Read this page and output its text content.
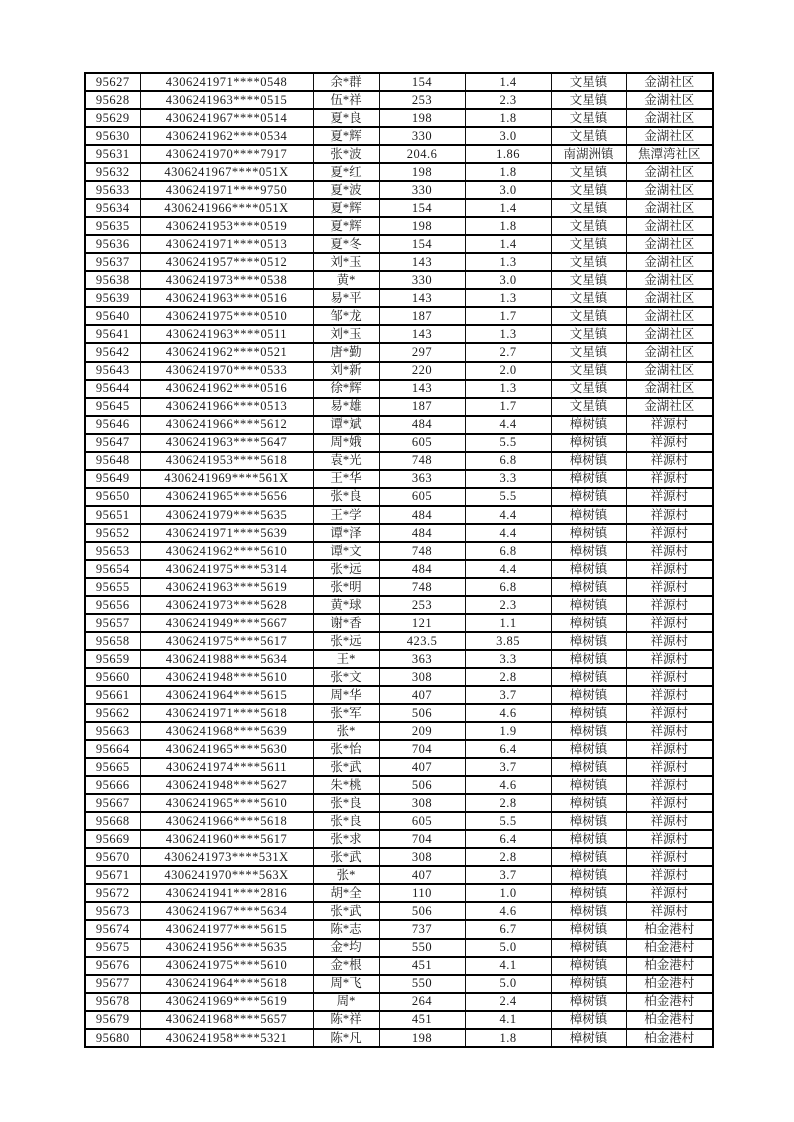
95627	4306241971****0548	余*群	154	1.4	文星镇	金湖社区
95628	4306241963****0515	伍*祥	253	2.3	文星镇	金湖社区
95629	4306241967****0514	夏*良	198	1.8	文星镇	金湖社区
95630	4306241962****0534	夏*辉	330	3.0	文星镇	金湖社区
95631	4306241970****7917	张*波	204.6	1.86	南湖洲镇	焦潭湾社区
95632	4306241967****051X	夏*红	198	1.8	文星镇	金湖社区
95633	4306241971****9750	夏*波	330	3.0	文星镇	金湖社区
95634	4306241966****051X	夏*辉	154	1.4	文星镇	金湖社区
95635	4306241953****0519	夏*辉	198	1.8	文星镇	金湖社区
95636	4306241971****0513	夏*冬	154	1.4	文星镇	金湖社区
95637	4306241957****0512	刘*玉	143	1.3	文星镇	金湖社区
95638	4306241973****0538	黄*	330	3.0	文星镇	金湖社区
95639	4306241963****0516	易*平	143	1.3	文星镇	金湖社区
95640	4306241975****0510	邹*龙	187	1.7	文星镇	金湖社区
95641	4306241963****0511	刘*玉	143	1.3	文星镇	金湖社区
95642	4306241962****0521	唐*勤	297	2.7	文星镇	金湖社区
95643	4306241970****0533	刘*新	220	2.0	文星镇	金湖社区
95644	4306241962****0516	徐*辉	143	1.3	文星镇	金湖社区
95645	4306241966****0513	易*雄	187	1.7	文星镇	金湖社区
95646	4306241966****5612	谭*斌	484	4.4	樟树镇	祥源村
95647	4306241963****5647	周*娥	605	5.5	樟树镇	祥源村
95648	4306241953****5618	袁*光	748	6.8	樟树镇	祥源村
95649	4306241969****561X	王*华	363	3.3	樟树镇	祥源村
95650	4306241965****5656	张*良	605	5.5	樟树镇	祥源村
95651	4306241979****5635	王*学	484	4.4	樟树镇	祥源村
95652	4306241971****5639	谭*泽	484	4.4	樟树镇	祥源村
95653	4306241962****5610	谭*文	748	6.8	樟树镇	祥源村
95654	4306241975****5314	张*远	484	4.4	樟树镇	祥源村
95655	4306241963****5619	张*明	748	6.8	樟树镇	祥源村
95656	4306241973****5628	黄*球	253	2.3	樟树镇	祥源村
95657	4306241949****5667	谢*香	121	1.1	樟树镇	祥源村
95658	4306241975****5617	张*远	423.5	3.85	樟树镇	祥源村
95659	4306241988****5634	王*	363	3.3	樟树镇	祥源村
95660	4306241948****5610	张*文	308	2.8	樟树镇	祥源村
95661	4306241964****5615	周*华	407	3.7	樟树镇	祥源村
95662	4306241971****5618	张*军	506	4.6	樟树镇	祥源村
95663	4306241968****5639	张*	209	1.9	樟树镇	祥源村
95664	4306241965****5630	张*怡	704	6.4	樟树镇	祥源村
95665	4306241974****5611	张*武	407	3.7	樟树镇	祥源村
95666	4306241948****5627	朱*桃	506	4.6	樟树镇	祥源村
95667	4306241965****5610	张*良	308	2.8	樟树镇	祥源村
95668	4306241966****5618	张*良	605	5.5	樟树镇	祥源村
95669	4306241960****5617	张*求	704	6.4	樟树镇	祥源村
95670	4306241973****531X	张*武	308	2.8	樟树镇	祥源村
95671	4306241970****563X	张*	407	3.7	樟树镇	祥源村
95672	4306241941****2816	胡*全	110	1.0	樟树镇	祥源村
95673	4306241967****5634	张*武	506	4.6	樟树镇	祥源村
95674	4306241977****5615	陈*志	737	6.7	樟树镇	柏金港村
95675	4306241956****5635	金*均	550	5.0	樟树镇	柏金港村
95676	4306241975****5610	金*根	451	4.1	樟树镇	柏金港村
95677	4306241964****5618	周*飞	550	5.0	樟树镇	柏金港村
95678	4306241969****5619	周*	264	2.4	樟树镇	柏金港村
95679	4306241968****5657	陈*祥	451	4.1	樟树镇	柏金港村
95680	4306241958****5321	陈*凡	198	1.8	樟树镇	柏金港村
